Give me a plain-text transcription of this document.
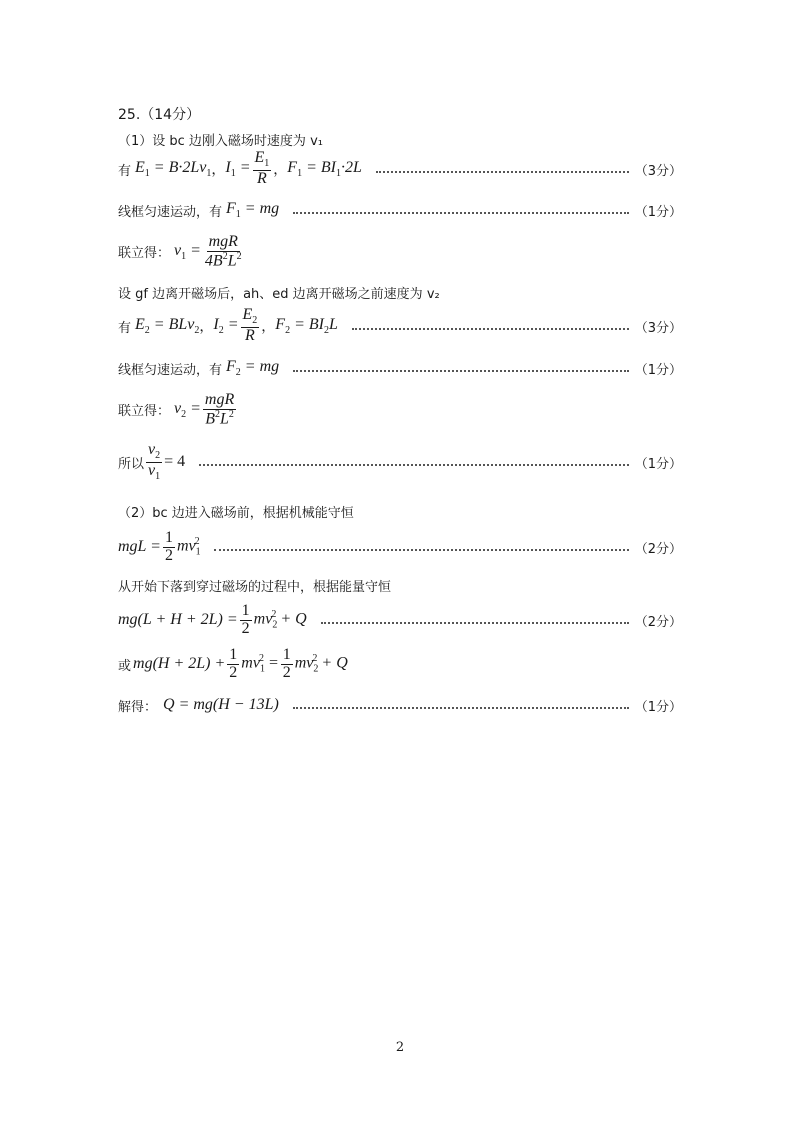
25.（14分）
（1）设 bc 边刚入磁场时速度为 v₁
有 $E_1 = B\cdot 2Lv_1$ ， $I_1 = \frac{E_1}{R}$ ， $F_1 = BI_1\cdot 2L$	（3分）
线框匀速运动，有 $F_1$ = mg	（1分）
联立得： $v_1 = \frac{\text{mgR}}{4B^2L^2}$
设 gf 边离开磁场后，ah、ed 边离开磁场之前速度为 v₂
有 $E_2 = BLv_2$ ， $I_2 = \frac{E_2}{R}$ ， $F_2 = BI_2L$	（3分）
线框匀速运动，有 $F_2$ = mg	（1分）
联立得： $v_2 = \frac{\text{mgR}}{B^2L^2}$
所以 $\frac{v_2}{v_1} = 4$	（1分）
（2）bc 边进入磁场前，根据机械能守恒
mgL = $\frac{1}{2} mv_1^2$	（2分）
从开始下落到穿过磁场的过程中，根据能量守恒
$mg(L + H + 2L) = \frac{1}{2} mv_2^2 + Q$	（2分）
或 $mg(H + 2L) + \frac{1}{2} mv_1^2 = \frac{1}{2} mv_2^2 + Q$
解得： Q = mg(H − 13L)	（1分）
2
